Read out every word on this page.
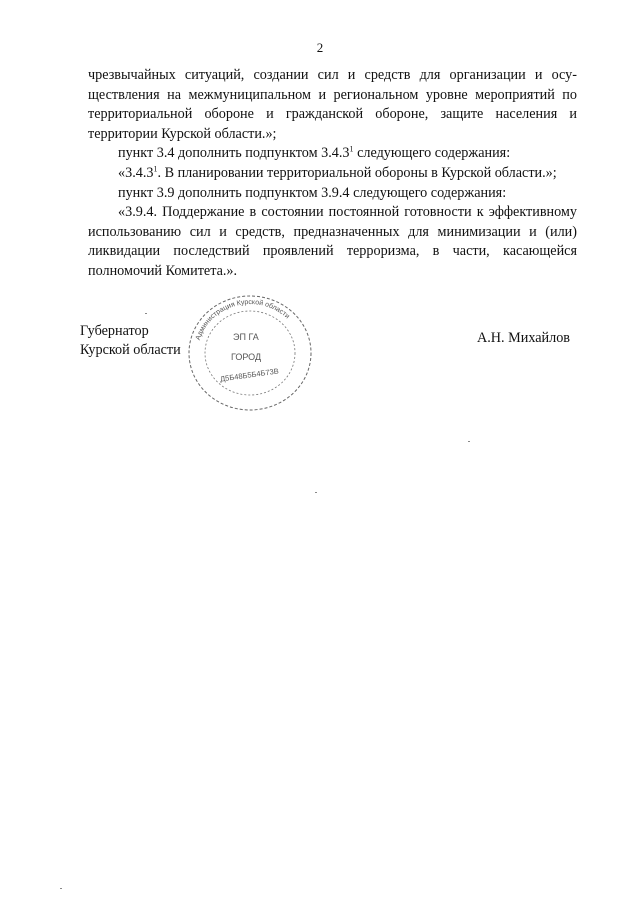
2

чрезвычайных ситуаций, создании сил и средств для организации и осуществления на межмуниципальном и региональном уровне мероприятий по территориальной обороне и гражданской обороне, защите населения и территории Курской области.»;

пункт 3.4 дополнить подпунктом 3.4.3$^1$ следующего содержания:

«3.4.3$^1$. В планировании территориальной обороны в Курской области.»;

пункт 3.9 дополнить подпунктом 3.9.4 следующего содержания:

«3.9.4. Поддержание в состоянии постоянной готовности к эффективному использованию сил и средств, предназначенных для минимизации и (или) ликвидации последствий проявлений терроризма, в части, касающейся полномочий Комитета.».

Губернатор
Курской области
Администрация Курской области
ЭП ГА
ГОРОД
Д5Б48Б5Б4Б73В
А.Н. Михайлов
